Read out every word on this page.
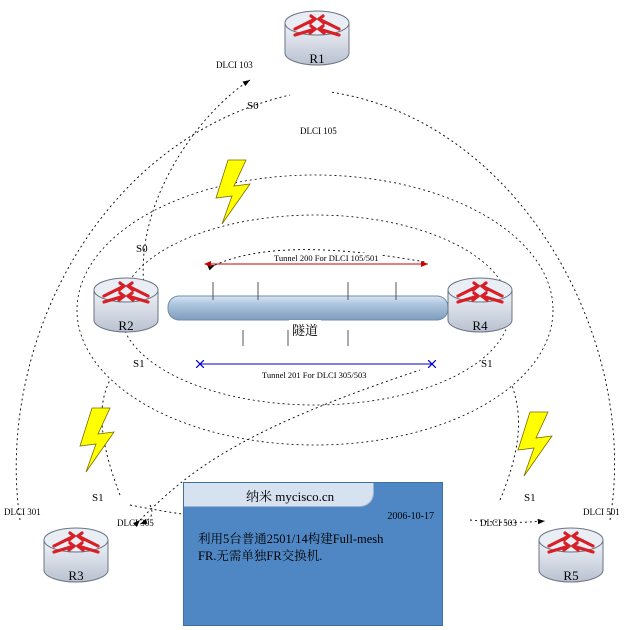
R1
R2
R3
R4
R5
S0
S0
S1
S1
S1
S1
DLCI 103
DLCI 105
DLCI 301
DLCI 305	DLCI 503
DLCI 501
Tunnel 200 For DLCI 105/501
Tunnel 201 For DLCI 305/503
隧道
纳米 mycisco.cn
2006-10-17
利用5台普通2501/14构建Full-mesh
FR.无需单独FR交换机.
